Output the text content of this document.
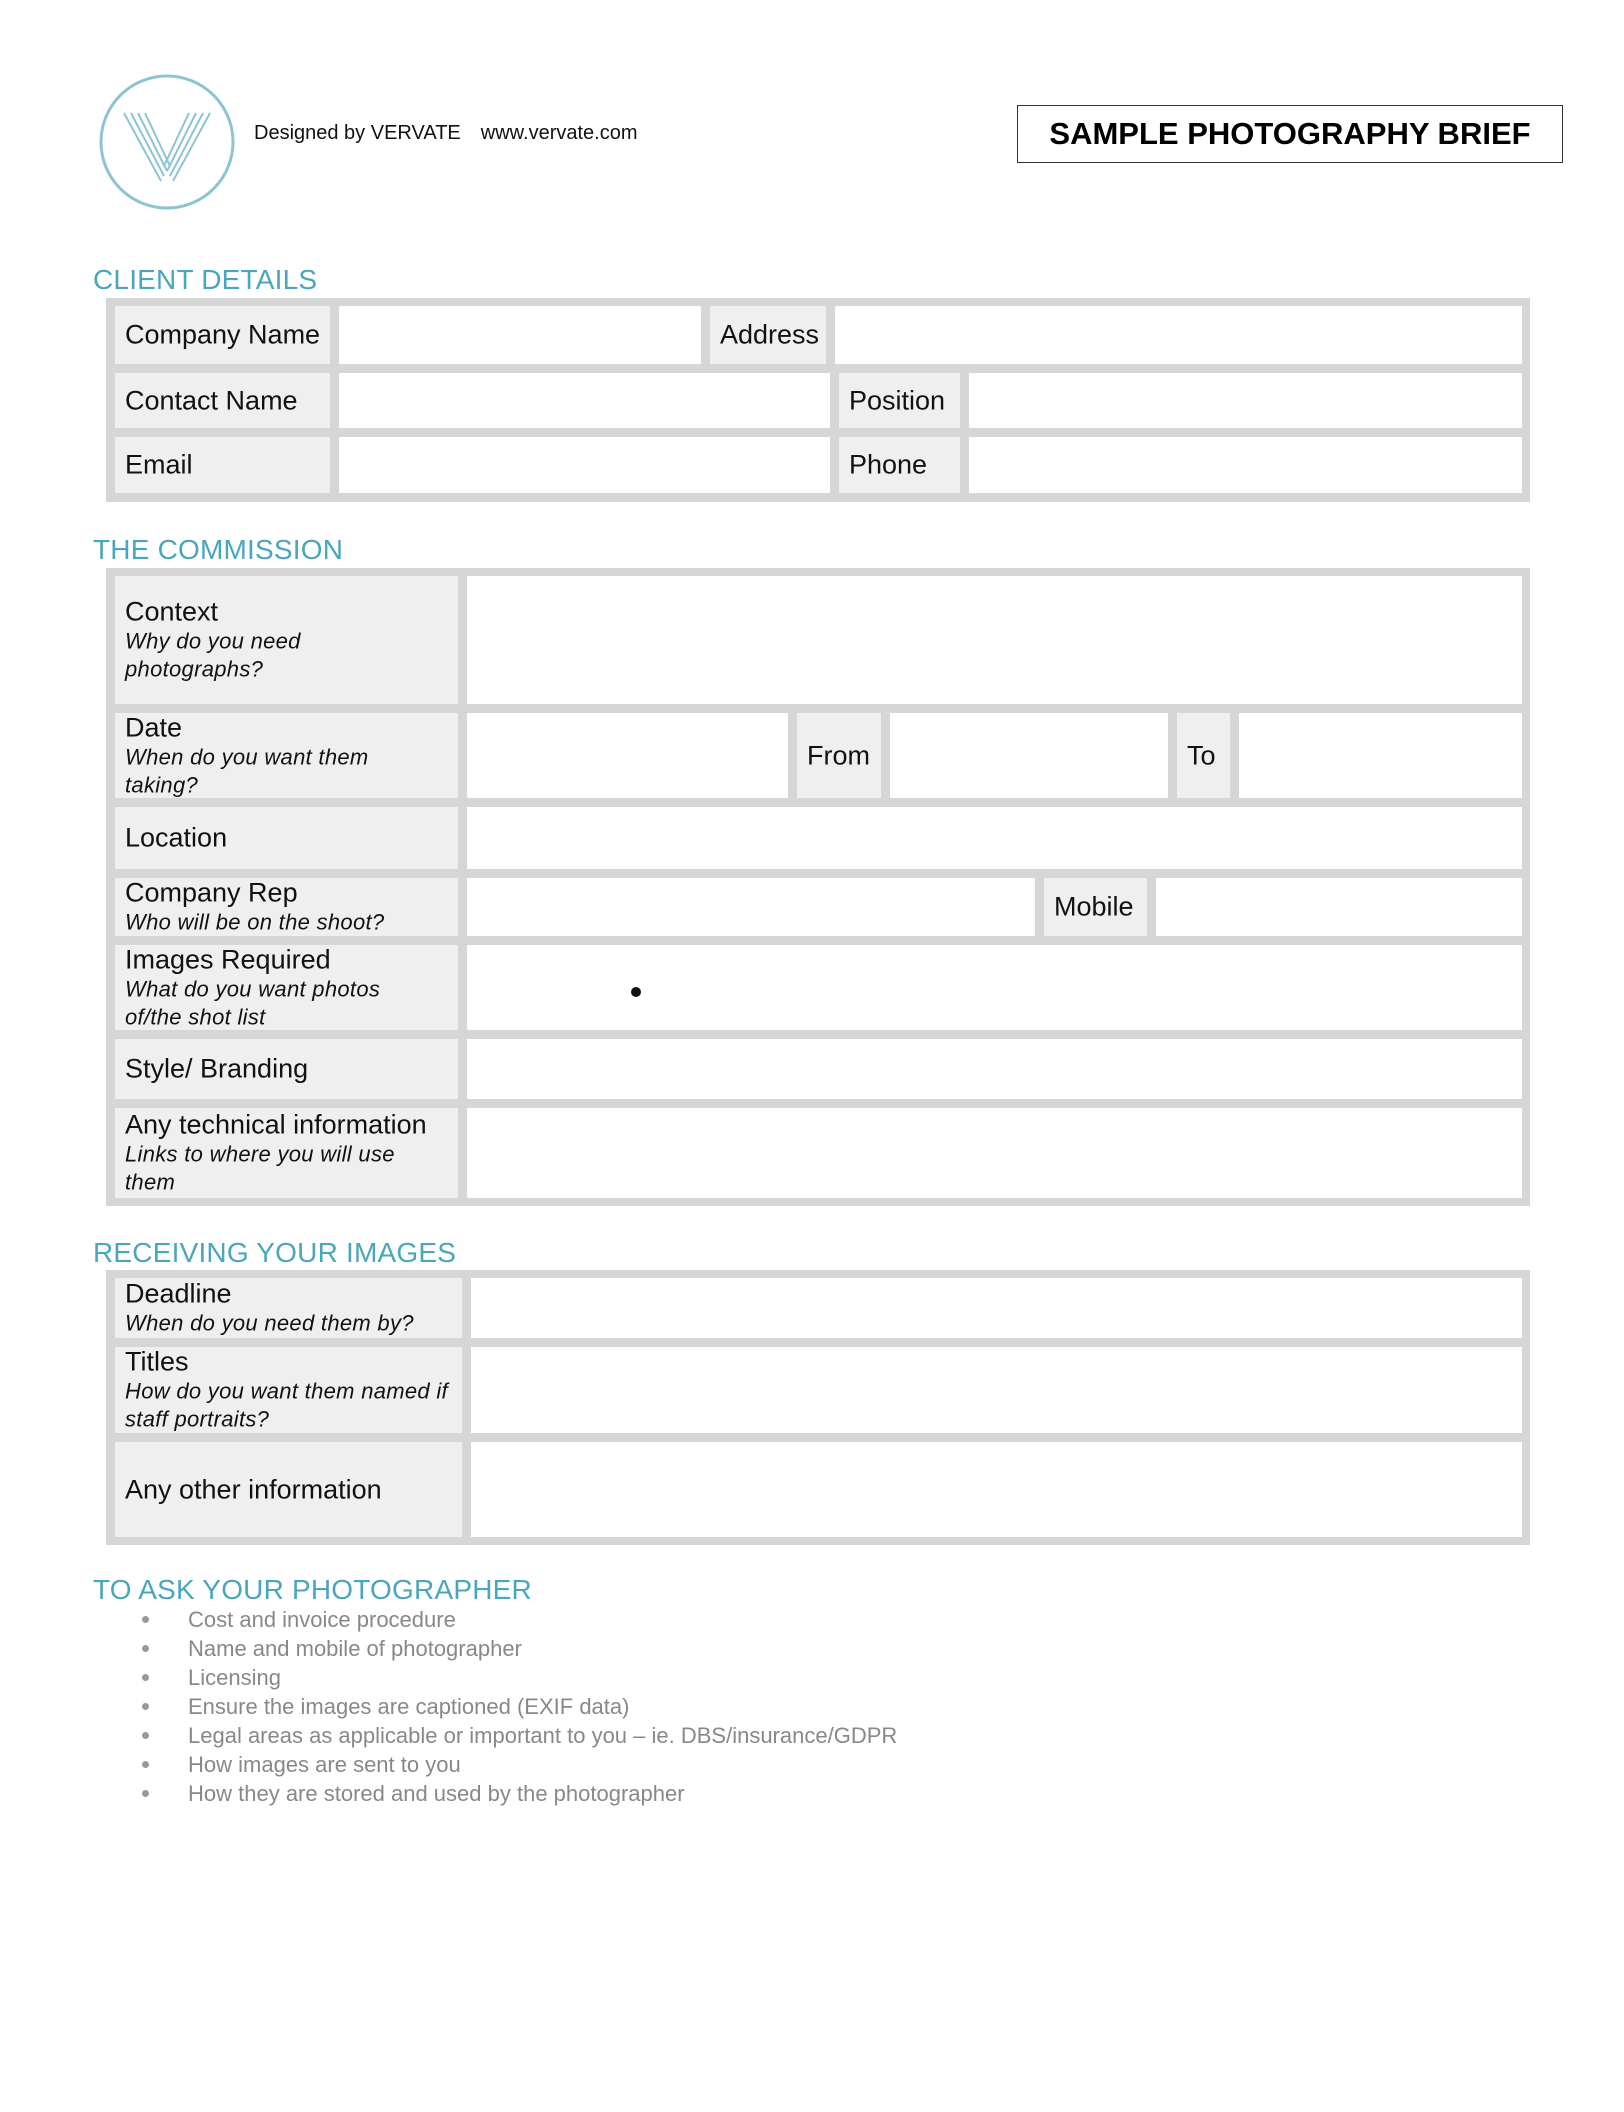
Designed by VERVATE www.vervate.com	SAMPLE PHOTOGRAPHY BRIEF
CLIENT DETAILS
Company Name	Address
Contact Name	Position
Email	Phone
THE COMMISSION
Context
Why do you need photographs?
Date
When do you want them taking?
From	To
Location
Company Rep
Who will be on the shoot?
Mobile
Images Required
What do you want photos of/the shot list
Style/ Branding
Any technical information
Links to where you will use them
RECEIVING YOUR IMAGES
Deadline
When do you need them by?
Titles
How do you want them named if staff portraits?
Any other information
TO ASK YOUR PHOTOGRAPHER
Cost and invoice procedure
Name and mobile of photographer
Licensing
Ensure the images are captioned (EXIF data)
Legal areas as applicable or important to you – ie. DBS/insurance/GDPR
How images are sent to you
How they are stored and used by the photographer
